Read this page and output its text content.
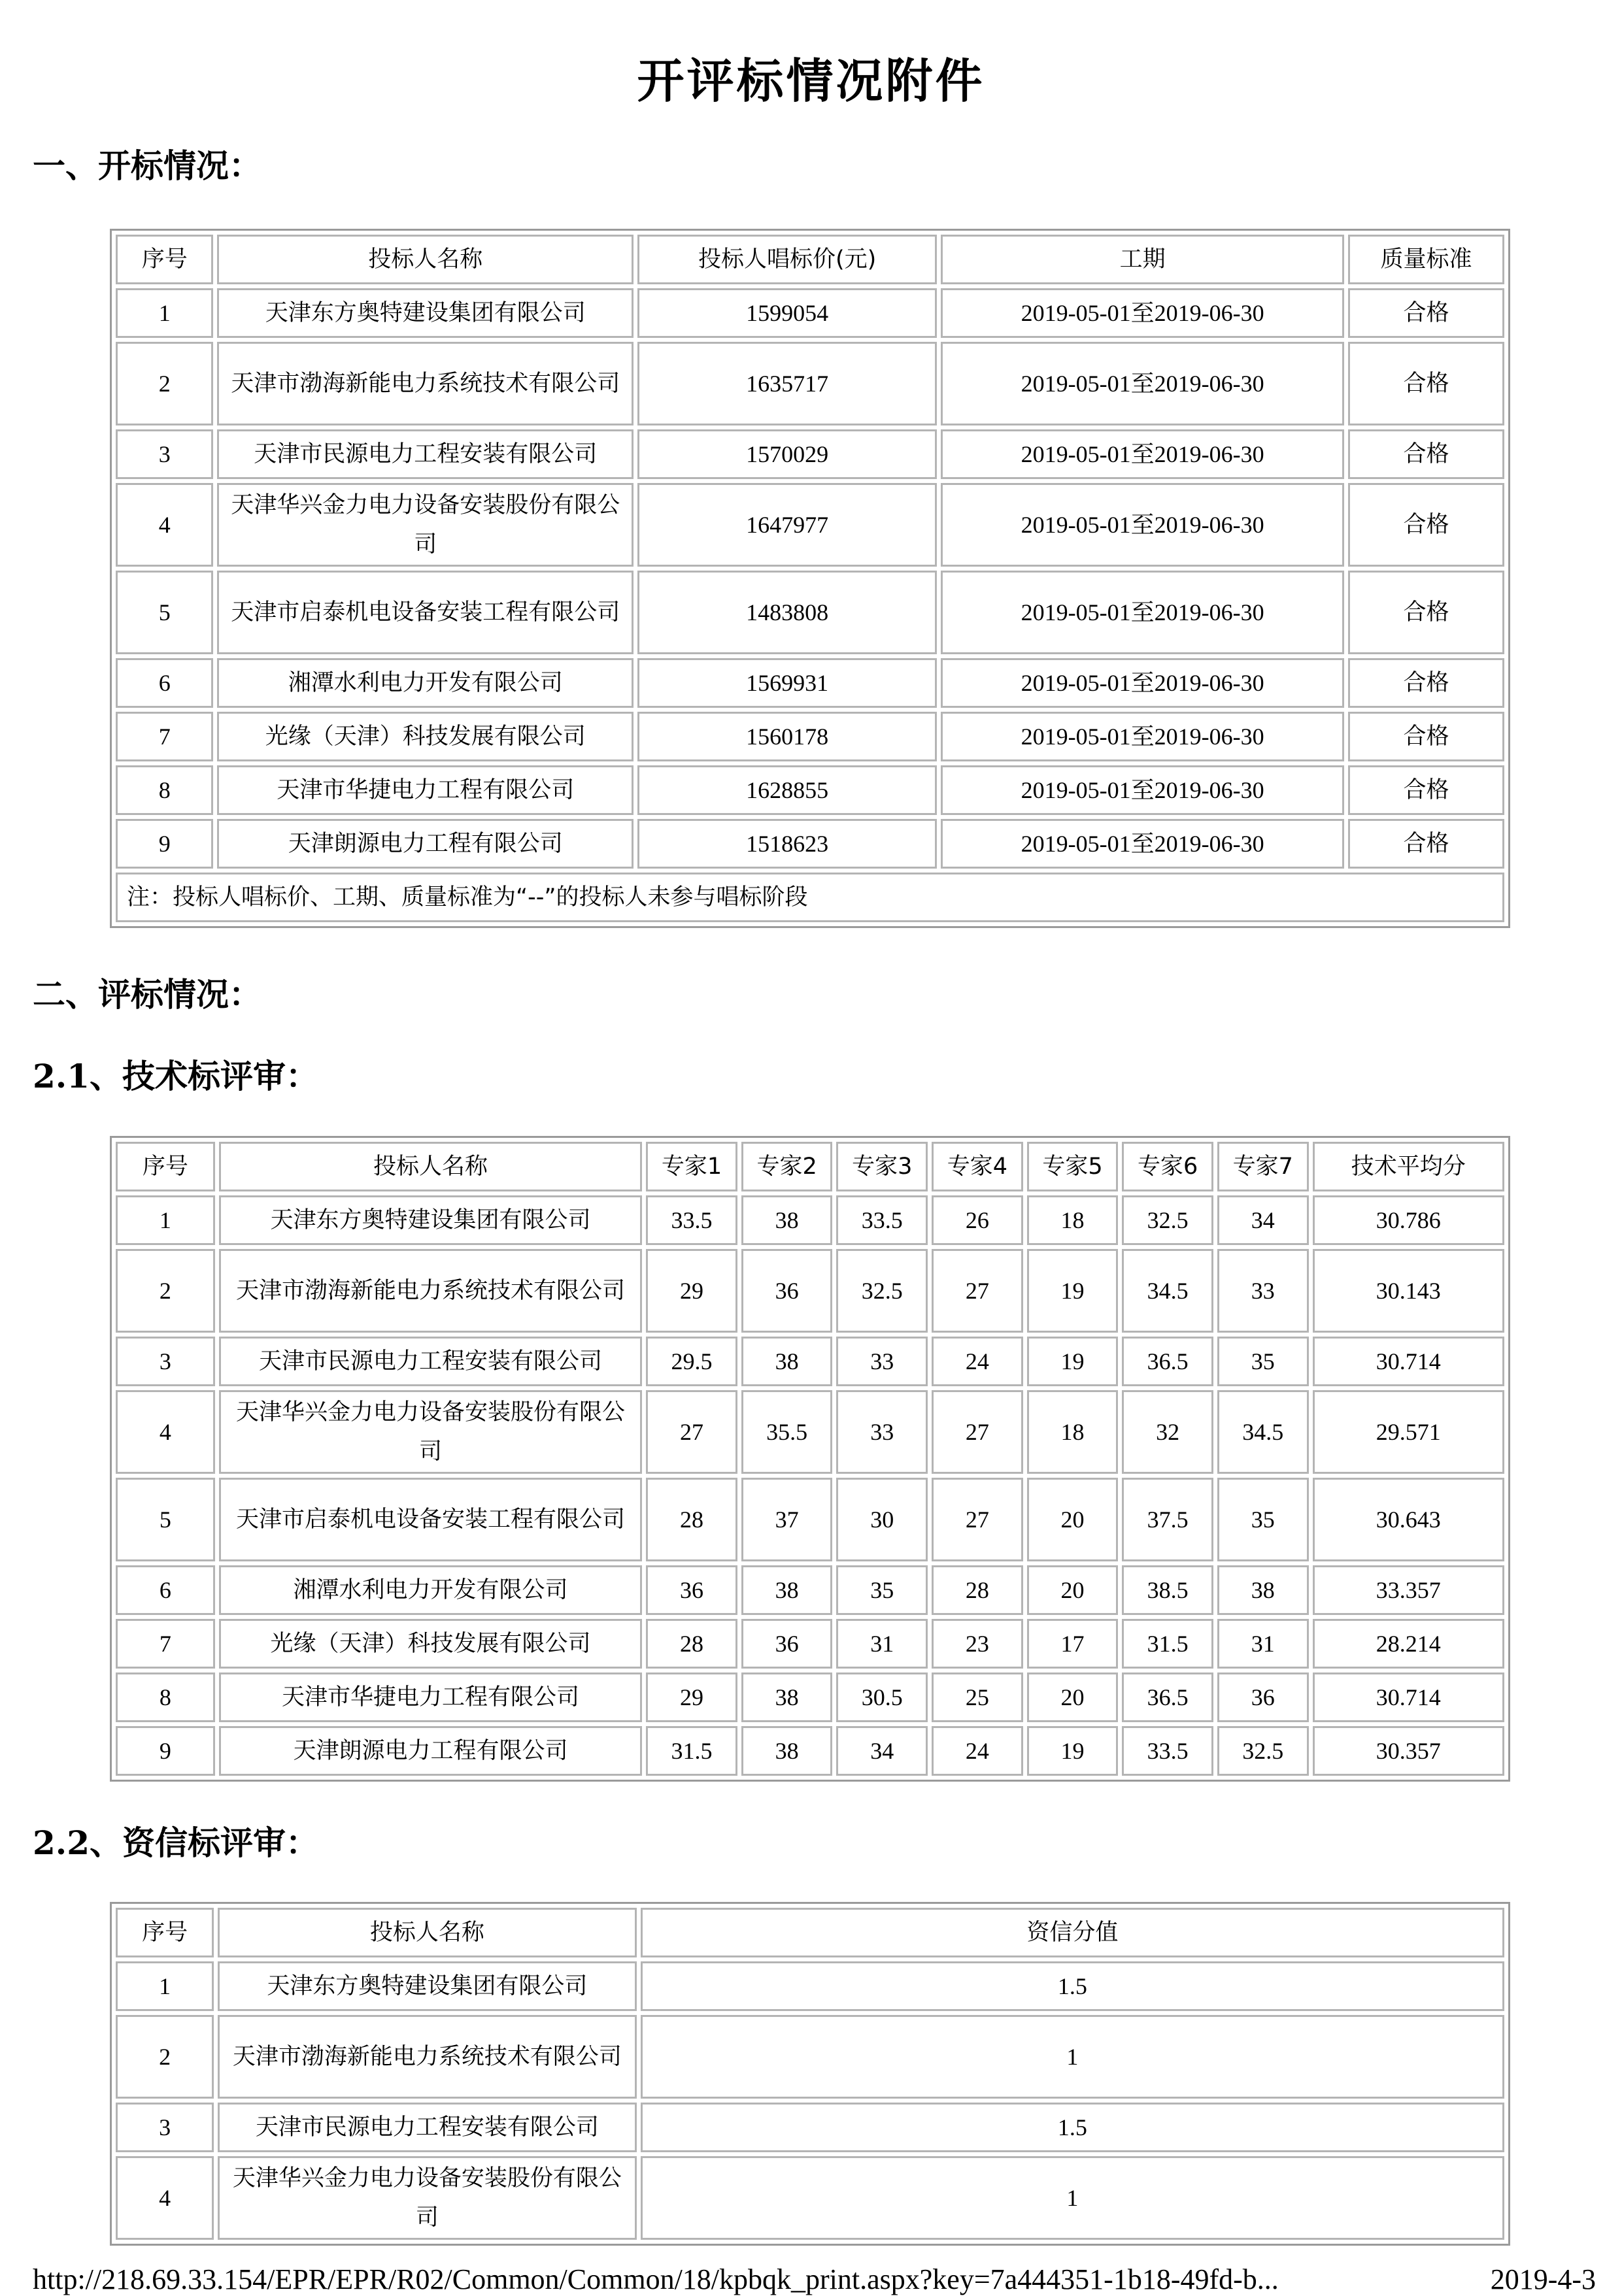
开评标情况附件
一、开标情况：
序号	投标人名称	投标人唱标价(元)	工期	质量标准
1	天津东方奥特建设集团有限公司	1599054	2019-05-01至2019-06-30	合格
2	天津市渤海新能电力系统技术有限公司	1635717	2019-05-01至2019-06-30	合格
3	天津市民源电力工程安装有限公司	1570029	2019-05-01至2019-06-30	合格
4	天津华兴金力电力设备安装股份有限公司	1647977	2019-05-01至2019-06-30	合格
5	天津市启泰机电设备安装工程有限公司	1483808	2019-05-01至2019-06-30	合格
6	湘潭水利电力开发有限公司	1569931	2019-05-01至2019-06-30	合格
7	光缘（天津）科技发展有限公司	1560178	2019-05-01至2019-06-30	合格
8	天津市华捷电力工程有限公司	1628855	2019-05-01至2019-06-30	合格
9	天津朗源电力工程有限公司	1518623	2019-05-01至2019-06-30	合格
注：投标人唱标价、工期、质量标准为“--”的投标人未参与唱标阶段				
二、评标情况：
2.1、技术标评审：
序号	投标人名称	专家1	专家2	专家3	专家4	专家5	专家6	专家7	技术平均分
1	天津东方奥特建设集团有限公司	33.5	38	33.5	26	18	32.5	34	30.786
2	天津市渤海新能电力系统技术有限公司	29	36	32.5	27	19	34.5	33	30.143
3	天津市民源电力工程安装有限公司	29.5	38	33	24	19	36.5	35	30.714
4	天津华兴金力电力设备安装股份有限公司	27	35.5	33	27	18	32	34.5	29.571
5	天津市启泰机电设备安装工程有限公司	28	37	30	27	20	37.5	35	30.643
6	湘潭水利电力开发有限公司	36	38	35	28	20	38.5	38	33.357
7	光缘（天津）科技发展有限公司	28	36	31	23	17	31.5	31	28.214
8	天津市华捷电力工程有限公司	29	38	30.5	25	20	36.5	36	30.714
9	天津朗源电力工程有限公司	31.5	38	34	24	19	33.5	32.5	30.357
2.2、资信标评审：
序号	投标人名称	资信分值
1	天津东方奥特建设集团有限公司	1.5
2	天津市渤海新能电力系统技术有限公司	1
3	天津市民源电力工程安装有限公司	1.5
4	天津华兴金力电力设备安装股份有限公司	1
http://218.69.33.154/EPR/EPR/R02/Common/Common/18/kpbqk_print.aspx?key=7a444351-1b18-49fd-b...	2019-4-3
